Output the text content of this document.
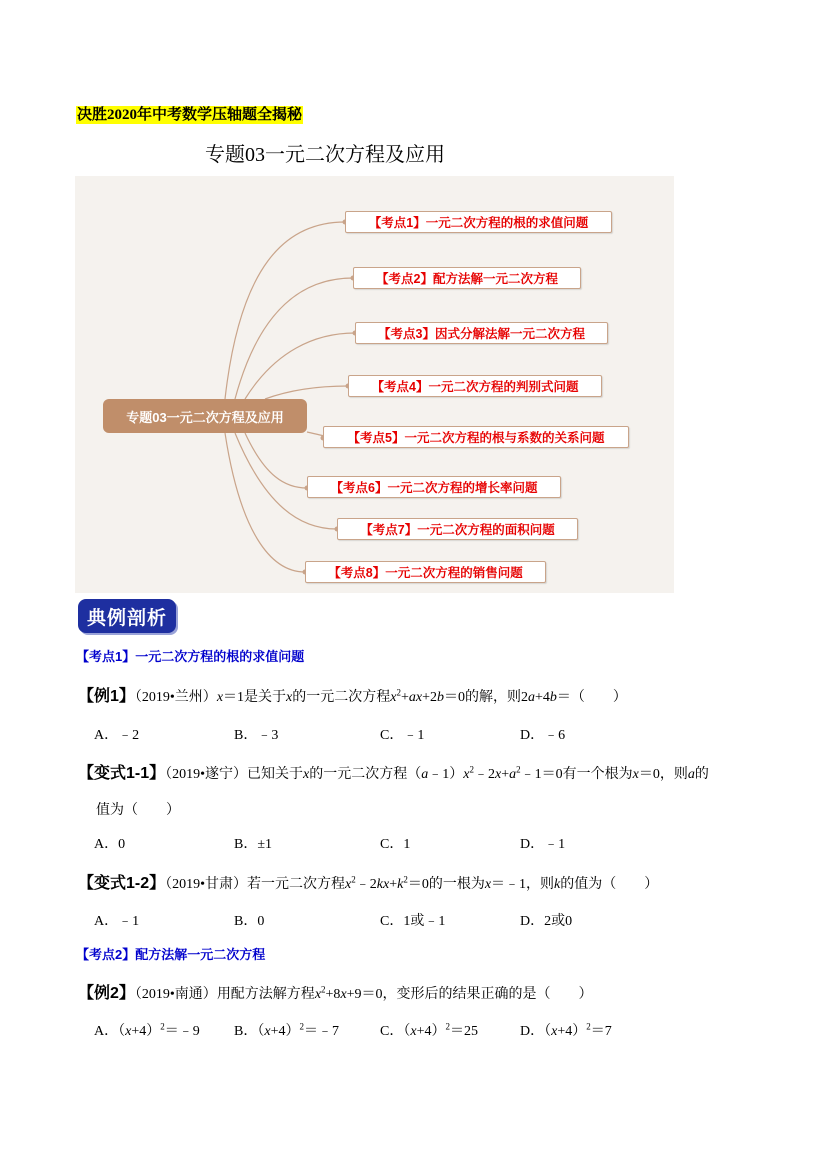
决胜2020年中考数学压轴题全揭秘
专题03一元二次方程及应用
专题03一元二次方程及应用
【考点1】一元二次方程的根的求值问题
【考点2】配方法解一元二次方程
【考点3】因式分解法解一元二次方程
【考点4】一元二次方程的判别式问题
【考点5】一元二次方程的根与系数的关系问题
【考点6】一元二次方程的增长率问题
【考点7】一元二次方程的面积问题
【考点8】一元二次方程的销售问题
典例剖析
【考点1】一元二次方程的根的求值问题
【例1】（2019•兰州）x＝1是关于x的一元二次方程$x^2+ax+2b=0$的解，则2a+4b＝（　　）
A．﹣2	B．﹣3	C．﹣1	D．﹣6
【变式1-1】（2019•遂宁）已知关于x的一元二次方程$(a﹣1)x^2﹣2x+a^2﹣1=0$有一个根为x＝0，则a的
值为（　　）
A．0	B．±1	C．1	D．﹣1
【变式1-2】（2019•甘肃）若一元二次方程$x^2﹣2kx+k^2=0$的一根为x＝﹣1，则k的值为（　　）
A．﹣1	B．0	C．1或﹣1	D．2或0
【考点2】配方法解一元二次方程
【例2】（2019•南通）用配方法解方程$x^2+8x+9=0$，变形后的结果正确的是（　　）
A．$(x+4)^2=﹣9$ B．$(x+4)^2=﹣7$	C．$(x+4)^2=25$	D．$(x+4)^2=7$
